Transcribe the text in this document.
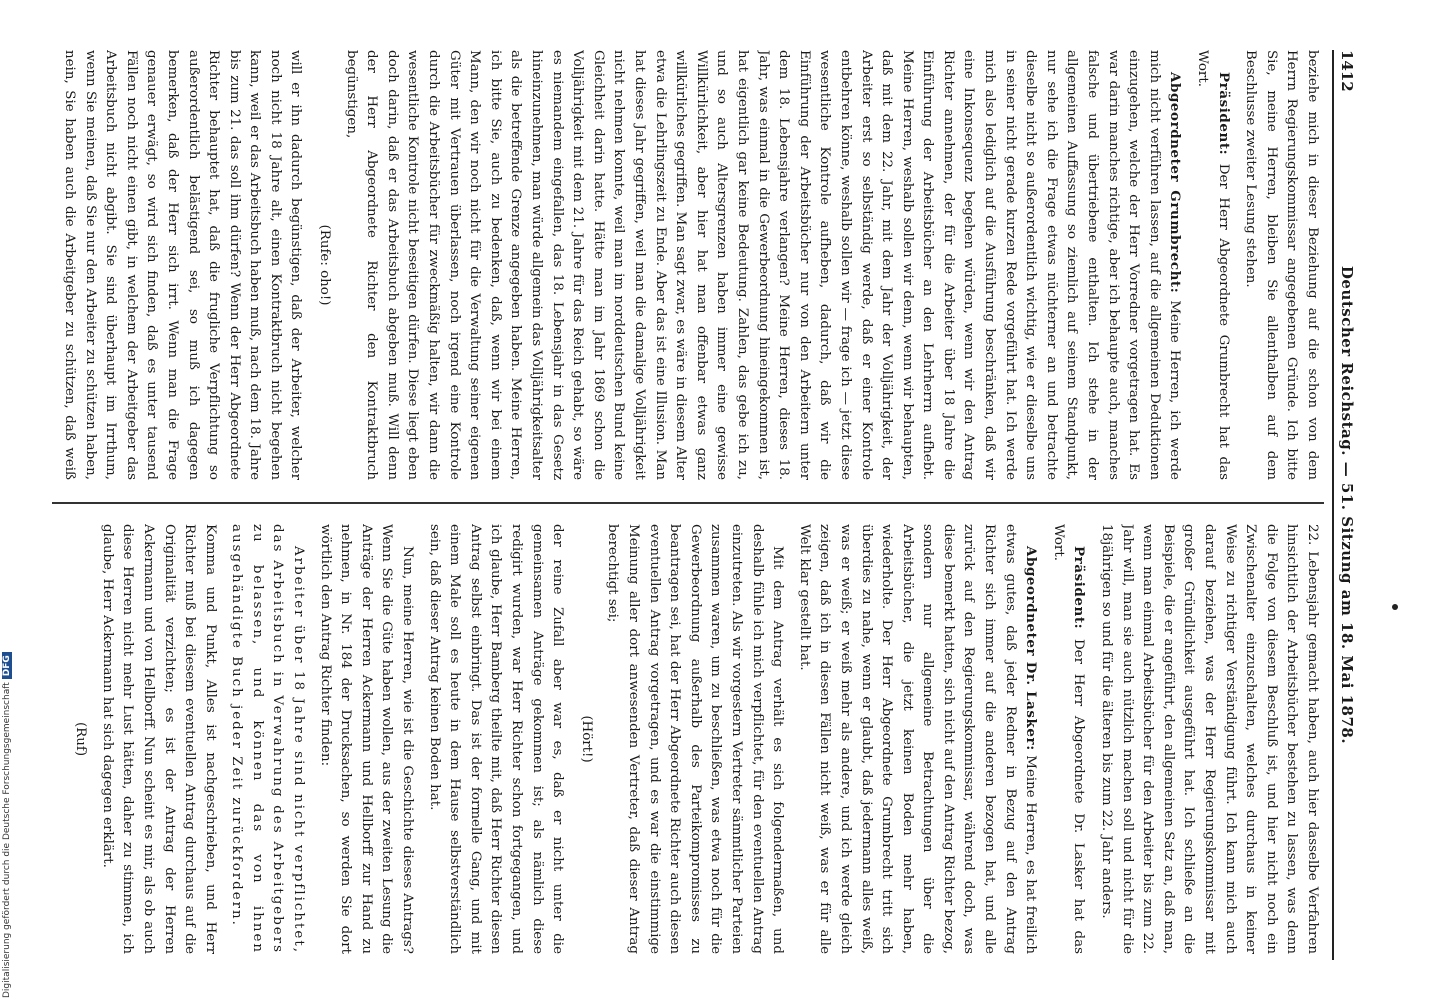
1412
Deutscher Reichstag. — 51. Sitzung am 18. Mai 1878.

beziehe mich in dieser Beziehung auf die schon von dem Herrn Regierungskommissar angegebenen Gründe. Ich bitte Sie, meine Herren, bleiben Sie allenthalben auf dem Beschlusse zweiter Lesung stehen.

Präsident: Der Herr Abgeordnete Grumbrecht hat das Wort.

Abgeordneter Grumbrecht: Meine Herren, ich werde mich nicht verführen lassen, auf die allgemeinen Deduktionen einzugehen, welche der Herr Vorredner vorgetragen hat. Es war darin manches richtige, aber ich behaupte auch, manches falsche und übertriebene enthalten. Ich stehe in der allgemeinen Auffassung so ziemlich auf seinem Standpunkt, nur sehe ich die Frage etwas nüchterner an und betrachte dieselbe nicht so außerordentlich wichtig, wie er dieselbe uns in seiner nicht gerade kurzen Rede vorgeführt hat. Ich werde mich also lediglich auf die Ausführung beschränken, daß wir eine Inkonsequenz begehen würden, wenn wir den Antrag Richter annehmen, der für die Arbeiter über 18 Jahre die Einführung der Arbeitsbücher an den Lehrherrn aufhebt. Meine Herren, weshalb sollen wir denn, wenn wir behaupten, daß mit dem 22. Jahr, mit dem Jahr der Volljährigkeit, der Arbeiter erst so selbständig werde, daß er einer Kontrole entbehren könne, weshalb sollen wir — frage ich — jetzt diese wesentliche Kontrole aufheben, dadurch, daß wir die Einführung der Arbeitsbücher nur von den Arbeitern unter dem 18. Lebensjahre verlangen? Meine Herren, dieses 18. Jahr, was einmal in die Gewerbeordnung hineingekommen ist, hat eigentlich gar keine Bedeutung. Zahlen, das gebe ich zu, und so auch Altersgrenzen haben immer eine gewisse Willkürlichkeit, aber hier hat man offenbar etwas ganz willkürliches gegriffen. Man sagt zwar, es wäre in diesem Alter etwa die Lehrlingszeit zu Ende. Aber das ist eine Illusion. Man hat dieses Jahr gegriffen, weil man die damalige Volljährigkeit nicht nehmen konnte, weil man im norddeutschen Bund keine Gleichheit darin hatte. Hätte man im Jahr 1869 schon die Volljährigkeit mit dem 21. Jahre für das Reich gehabt, so wäre es niemandem eingefallen, das 18. Lebensjahr in das Gesetz hineinzunehmen, man würde allgemein das Volljährigkeitsalter als die betreffende Grenze angegeben haben. Meine Herren, ich bitte Sie, auch zu bedenken, daß, wenn wir bei einem Mann, den wir noch nicht für die Verwaltung seiner eigenen Güter mit Vertrauen überlassen, noch irgend eine Kontrole durch die Arbeitsbücher für zweckmäßig halten, wir dann die wesentliche Kontrole nicht beseitigen dürfen. Diese liegt eben doch darin, daß er das Arbeitsbuch abgeben muß. Will denn der Herr Abgeordnete Richter den Kontraktbruch begünstigen,

(Rufe: oho!)

will er ihn dadurch begünstigen, daß der Arbeiter, welcher noch nicht 18 Jahre alt, einen Kontraktbruch nicht begehen kann, weil er das Arbeitsbuch haben muß, nach dem 18. Jahre bis zum 21. das soll ihm dürfen? Wenn der Herr Abgeordnete Richter behauptet hat, daß die frugliche Verpflichtung so außerordentlich belästigend sei, so muß ich dagegen bemerken, daß der Herr sich irrt. Wenn man die Frage genauer erwägt, so wird sich finden, daß es unter tausend Fällen noch nicht einen gibt, in welchem der Arbeitgeber das Arbeitsbuch nicht abgibt. Sie sind überhaupt im Irrthum, wenn Sie meinen, daß Sie nur den Arbeiter zu schützen haben, nein, Sie haben auch die Arbeitgeber zu schützen, daß weiß

22. Lebensjahr gemacht haben, auch hier dasselbe Verfahren hinsichtlich der Arbeitsbücher bestehen zu lassen, was denn die Folge von diesem Beschluß ist, und hier nicht noch ein Zwischenalter einzuschalten, welches durchaus in keiner Weise zu richtiger Verständigung führt. Ich kann mich auch darauf beziehen, was der Herr Regierungskommissar mit großer Gründlichkeit ausgeführt hat. Ich schließe an die Beispiele, die er angeführt, den allgemeinen Satz an, daß man, wenn man einmal Arbeitsbücher für den Arbeiter bis zum 22. Jahr will, man sie auch nützlich machen soll und nicht für die 18jährigen so und für die älteren bis zum 22. Jahr anders.

Präsident: Der Herr Abgeordnete Dr. Lasker hat das Wort.

Abgeordneter Dr. Lasker: Meine Herren, es hat freilich etwas gutes, daß jeder Redner in Bezug auf den Antrag Richter sich immer auf die anderen bezogen hat, und alle zurück auf den Regierungskommissar, während doch, was diese bemerkt hatten, sich nicht auf den Antrag Richter bezog, sondern nur allgemeine Betrachtungen über die Arbeitsbücher, die jetzt keinen Boden mehr haben, wiederholte. Der Herr Abgeordnete Grumbrecht tritt sich überdies zu nahe, wenn er glaubt, daß jedermann alles weiß, was er weiß; er weiß mehr als andere, und ich werde gleich zeigen, daß ich in diesen Fällen nicht weiß, was er für alle Welt klar gestellt hat.

Mit dem Antrag verhält es sich folgendermaßen, und deshalb fühle ich mich verpflichtet, für den eventuellen Antrag einzutreten. Als wir vorgestern Vertreter sämmtlicher Parteien zusammen waren, um zu beschließen, was etwa noch für die Gewerbeordnung außerhalb des Parteikompromisses zu beantragen sei, hat der Herr Abgeordnete Richter auch diesen eventuellen Antrag vorgetragen, und es war die einstimmige Meinung aller dort anwesenden Vertreter, daß dieser Antrag berechtigt sei;

(Hört!)

der reine Zufall aber war es, daß er nicht unter die gemeinsamen Anträge gekommen ist; als nämlich diese redigirt wurden, war Herr Richter schon fortgegangen, und ich glaube, Herr Bamberg theilte mit, daß Herr Richter diesen Antrag selbst einbringt. Das ist der formelle Gang, und mit einem Male soll es heute in dem Hause selbstverständlich sein, daß dieser Antrag keinen Boden hat.

Nun, meine Herren, wie ist die Geschichte dieses Antrags? Wenn Sie die Güte haben wollen, aus der zweiten Lesung die Anträge der Herren Ackermann und Hellborff zur Hand zu nehmen, in Nr. 184 der Drucksachen, so werden Sie dort wörtlich den Antrag Richter finden:

Arbeiter über 18 Jahre sind nicht verpflichtet, das Arbeitsbuch in Verwahrung des Arbeitgebers zu belassen, und können das von ihnen ausgehändigte Buch jeder Zeit zurückfordern.

Komma und Punkt, Alles ist nachgeschrieben, und Herr Richter muß bei diesem eventuellen Antrag durchaus auf die Originalität verzichten; es ist der Antrag der Herren Ackermann und von Hellborff. Nun scheint es mir, als ob auch diese Herren nicht mehr Lust hätten, daher zu stimmen, ich glaube, Herr Ackermann hat sich dagegen erklärt.

(Ruf)

Digitalisierung gefördert durch die Deutsche ForschungsgemeinschaftDFG
